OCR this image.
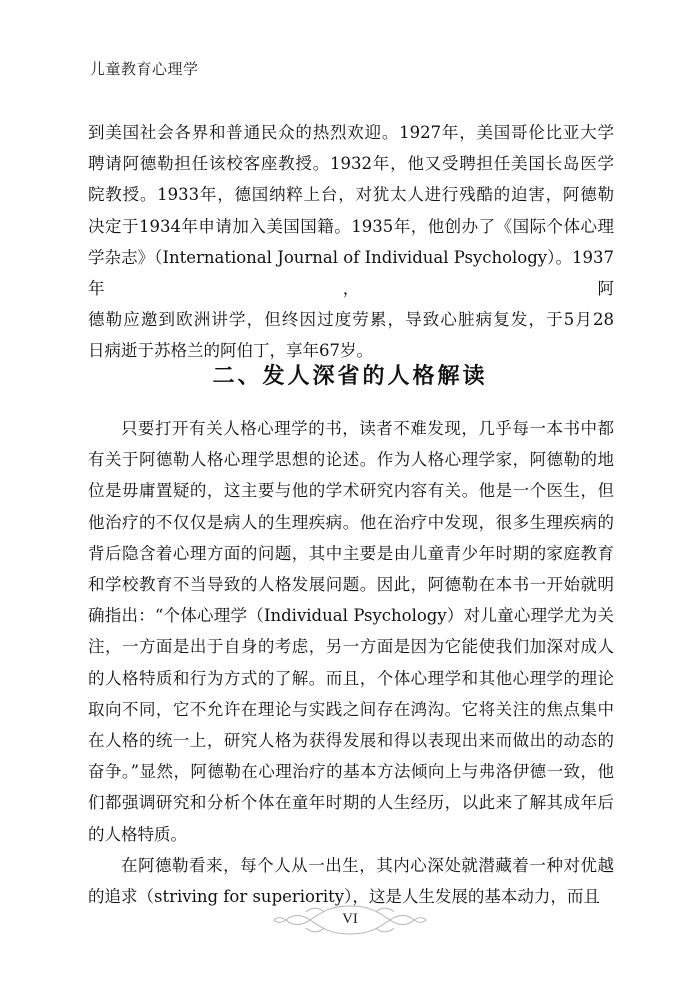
儿童教育心理学
到美国社会各界和普通民众的热烈欢迎。1927年，美国哥伦比亚大学
聘请阿德勒担任该校客座教授。1932年，他又受聘担任美国长岛医学
院教授。1933年，德国纳粹上台，对犹太人进行残酷的迫害，阿德勒
决定于1934年申请加入美国国籍。1935年，他创办了《国际个体心理
学杂志》（International Journal of Individual Psychology）。1937年，阿
德勒应邀到欧洲讲学，但终因过度劳累，导致心脏病复发，于5月28
日病逝于苏格兰的阿伯丁，享年67岁。
二、发人深省的人格解读

只要打开有关人格心理学的书，读者不难发现，几乎每一本书中都有关于阿德勒人格心理学思想的论述。作为人格心理学家，阿德勒的地位是毋庸置疑的，这主要与他的学术研究内容有关。他是一个医生，但他治疗的不仅仅是病人的生理疾病。他在治疗中发现，很多生理疾病的背后隐含着心理方面的问题，其中主要是由儿童青少年时期的家庭教育和学校教育不当导致的人格发展问题。因此，阿德勒在本书一开始就明确指出：“个体心理学（Individual Psychology）对儿童心理学尤为关注，一方面是出于自身的考虑，另一方面是因为它能使我们加深对成人的人格特质和行为方式的了解。而且，个体心理学和其他心理学的理论取向不同，它不允许在理论与实践之间存在鸿沟。它将关注的焦点集中在人格的统一上，研究人格为获得发展和得以表现出来而做出的动态的奋争。”显然，阿德勒在心理治疗的基本方法倾向上与弗洛伊德一致，他们都强调研究和分析个体在童年时期的人生经历，以此来了解其成年后的人格特质。

在阿德勒看来，每个人从一出生，其内心深处就潜藏着一种对优越的追求（striving for superiority），这是人生发展的基本动力，而且

VI
